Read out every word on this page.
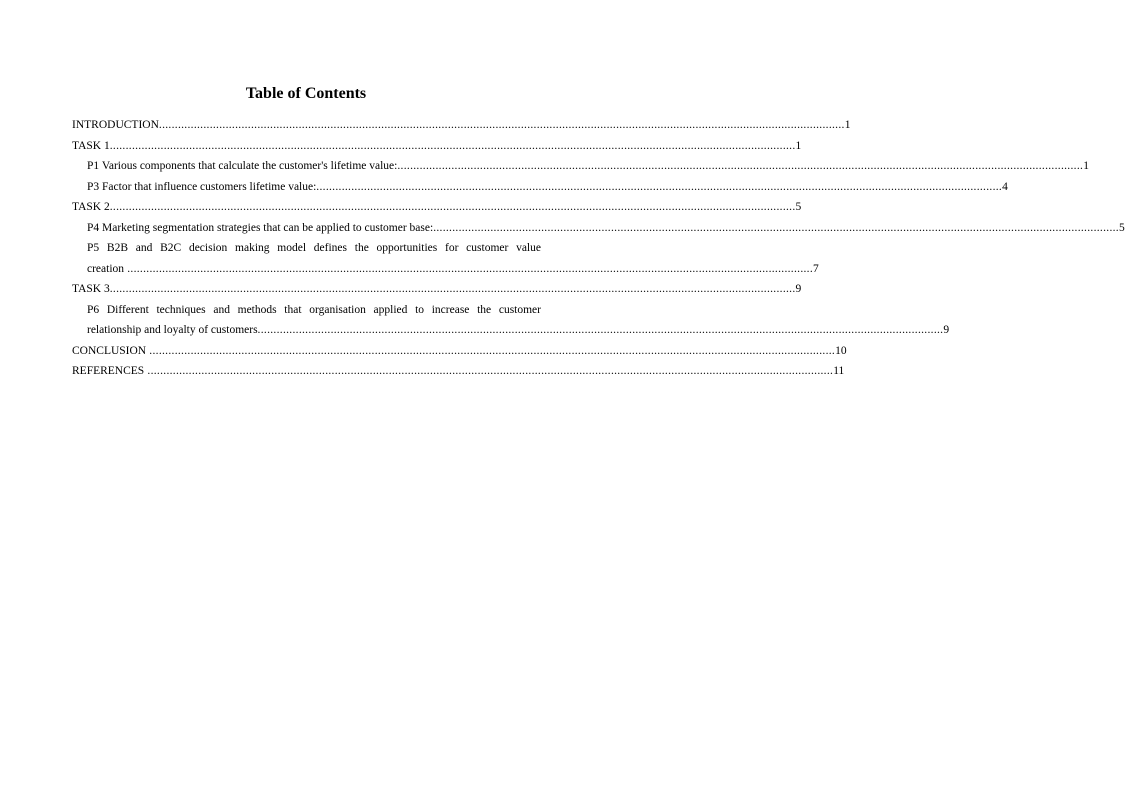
Table of Contents
INTRODUCTION ........................................................................................................................................................................................................................ 1
TASK 1 ........................................................................................................................................................................................................................ 1
P1 Various components that calculate the customer's lifetime value: ........................................................................................................................................................................................................................ 1
P3 Factor that influence customers lifetime value: ........................................................................................................................................................................................................................ 4
TASK 2 ........................................................................................................................................................................................................................ 5
P4 Marketing segmentation strategies that can be applied to customer base: ........................................................................................................................................................................................................................ 5
P5 B2B and B2C decision making model defines the opportunities for customer value
creation ........................................................................................................................................................................................................................ 7
TASK 3 ........................................................................................................................................................................................................................ 9
P6 Different techniques and methods that organisation applied to increase the customer
relationship and loyalty of customers ........................................................................................................................................................................................................................ 9
CONCLUSION ........................................................................................................................................................................................................................ 10
REFERENCES ........................................................................................................................................................................................................................ 11
